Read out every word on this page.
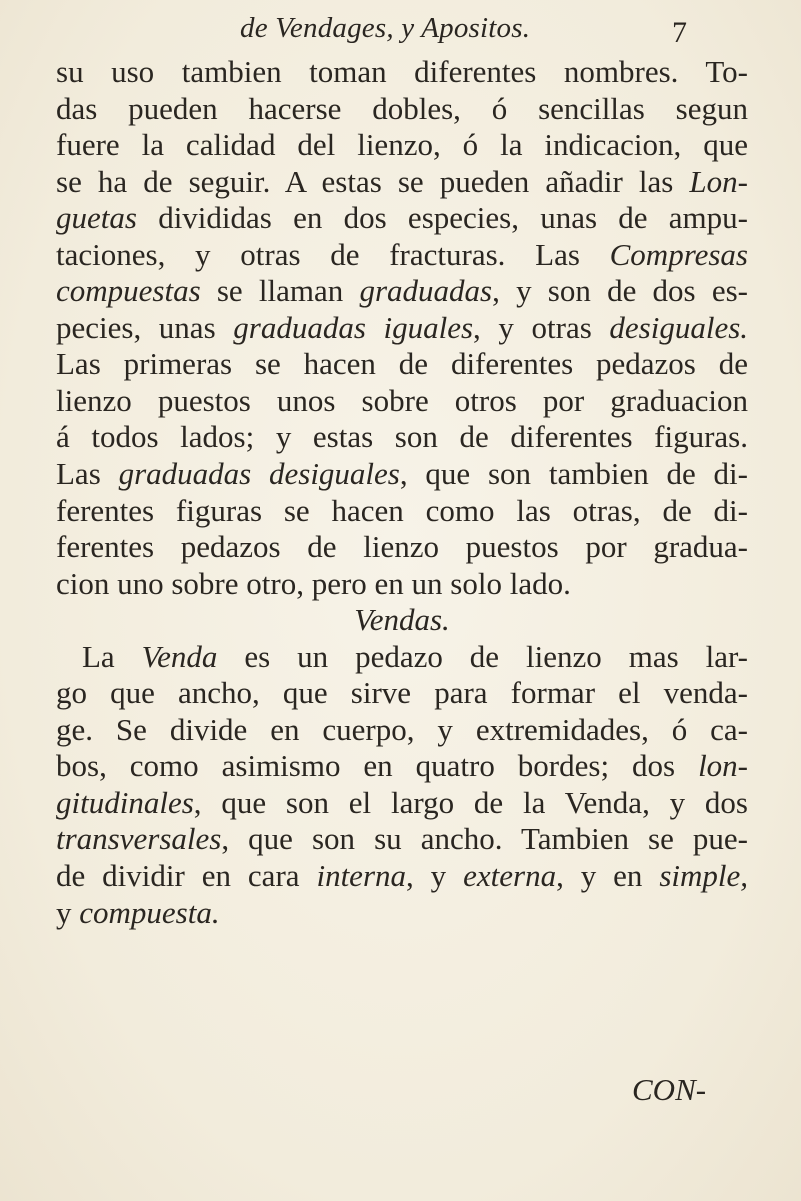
de Vendages, y Apositos.	7
su uso tambien toman diferentes nombres. To-
das pueden hacerse dobles, ó sencillas segun
fuere la calidad del lienzo, ó la indicacion, que
se ha de seguir. A estas se pueden añadir las Lon-
guetas divididas en dos especies, unas de ampu-
taciones, y otras de fracturas. Las Compresas
compuestas se llaman graduadas, y son de dos es-
pecies, unas graduadas iguales, y otras desiguales.
Las primeras se hacen de diferentes pedazos de
lienzo puestos unos sobre otros por graduacion
á todos lados; y estas son de diferentes figuras.
Las graduadas desiguales, que son tambien de di-
ferentes figuras se hacen como las otras, de di-
ferentes pedazos de lienzo puestos por gradua-
cion uno sobre otro, pero en un solo lado.
Vendas.
La Venda es un pedazo de lienzo mas lar-
go que ancho, que sirve para formar el venda-
ge. Se divide en cuerpo, y extremidades, ó ca-
bos, como asimismo en quatro bordes; dos lon-
gitudinales, que son el largo de la Venda, y dos
transversales, que son su ancho. Tambien se pue-
de dividir en cara interna, y externa, y en simple,
y compuesta.
CON-
